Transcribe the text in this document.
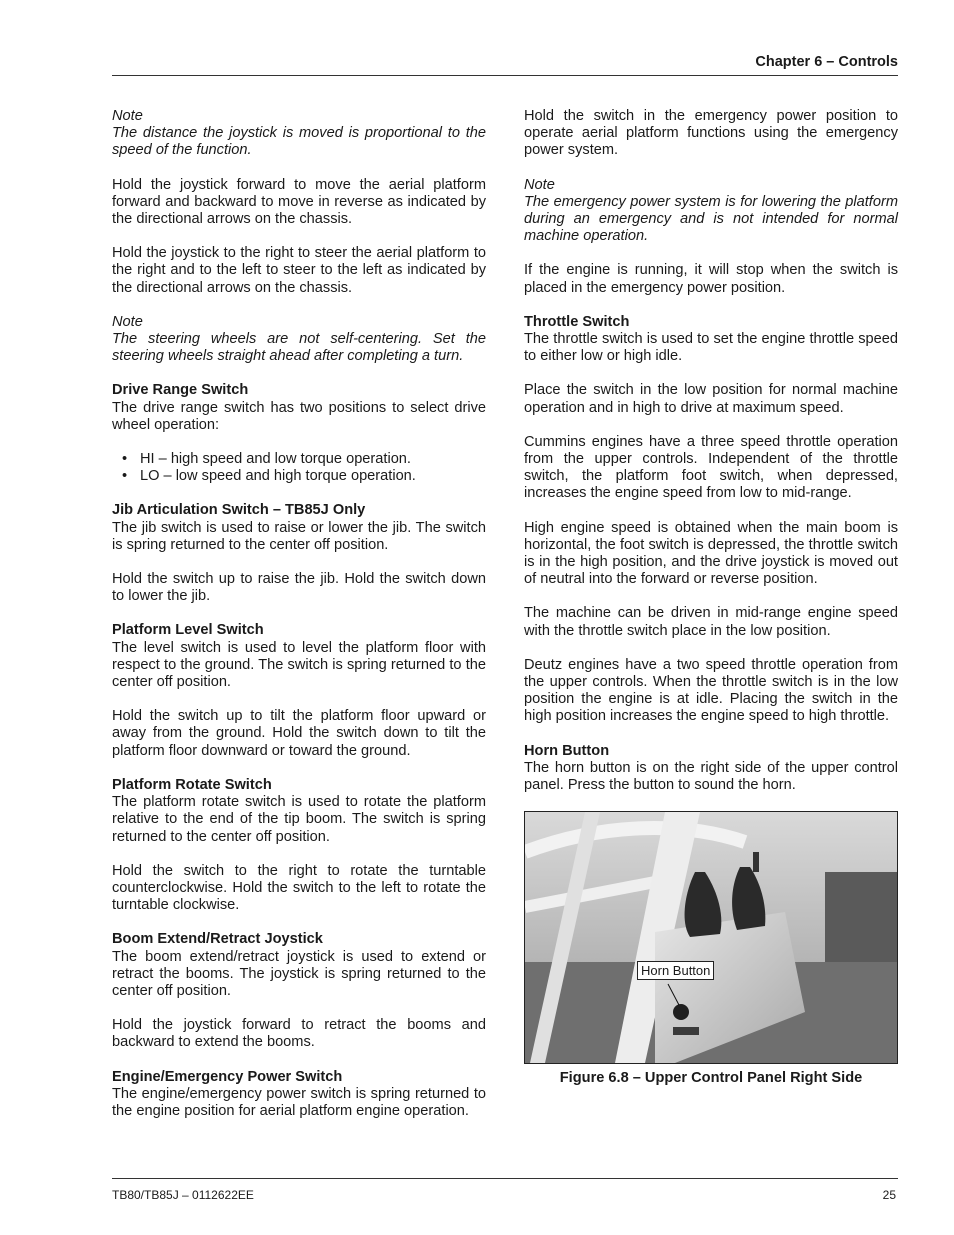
Chapter 6 – Controls

Note

The distance the joystick is moved is proportional to the speed of the function.

Hold the joystick forward to move the aerial platform forward and backward to move in reverse as indicated by the directional arrows on the chassis.

Hold the joystick to the right to steer the aerial platform to the right and to the left to steer to the left as indicated by the directional arrows on the chassis.

Note

The steering wheels are not self-centering. Set the steering wheels straight ahead after completing a turn.

Drive Range Switch

The drive range switch has two positions to select drive wheel operation:

• HI – high speed and low torque operation.
• LO – low speed and high torque operation.

Jib Articulation Switch – TB85J Only

The jib switch is used to raise or lower the jib. The switch is spring returned to the center off position.

Hold the switch up to raise the jib. Hold the switch down to lower the jib.

Platform Level Switch

The level switch is used to level the platform floor with respect to the ground. The switch is spring returned to the center off position.

Hold the switch up to tilt the platform floor upward or away from the ground. Hold the switch down to tilt the platform floor downward or toward the ground.

Platform Rotate Switch

The platform rotate switch is used to rotate the platform relative to the end of the tip boom. The switch is spring returned to the center off position.

Hold the switch to the right to rotate the turntable counterclockwise. Hold the switch to the left to rotate the turntable clockwise.

Boom Extend/Retract Joystick

The boom extend/retract joystick is used to extend or retract the booms. The joystick is spring returned to the center off position.

Hold the joystick forward to retract the booms and backward to extend the booms.

Engine/Emergency Power Switch

The engine/emergency power switch is spring returned to the engine position for aerial platform engine operation.

Hold the switch in the emergency power position to operate aerial platform functions using the emergency power system.

Note

The emergency power system is for lowering the platform during an emergency and is not intended for normal machine operation.

If the engine is running, it will stop when the switch is placed in the emergency power position.

Throttle Switch

The throttle switch is used to set the engine throttle speed to either low or high idle.

Place the switch in the low position for normal machine operation and in high to drive at maximum speed.

Cummins engines have a three speed throttle operation from the upper controls. Independent of the throttle switch, the platform foot switch, when depressed, increases the engine speed from low to mid-range.

High engine speed is obtained when the main boom is horizontal, the foot switch is depressed, the throttle switch is in the high position, and the drive joystick is moved out of neutral into the forward or reverse position.

The machine can be driven in mid-range engine speed with the throttle switch place in the low position.

Deutz engines have a two speed throttle operation from the upper controls. When the throttle switch is in the low position the engine is at idle. Placing the switch in the high position increases the engine speed to high throttle.

Horn Button

The horn button is on the right side of the upper control panel. Press the button to sound the horn.

Horn Button
Figure 6.8 – Upper Control Panel Right Side
TB80/TB85J – 0112622EE	25
